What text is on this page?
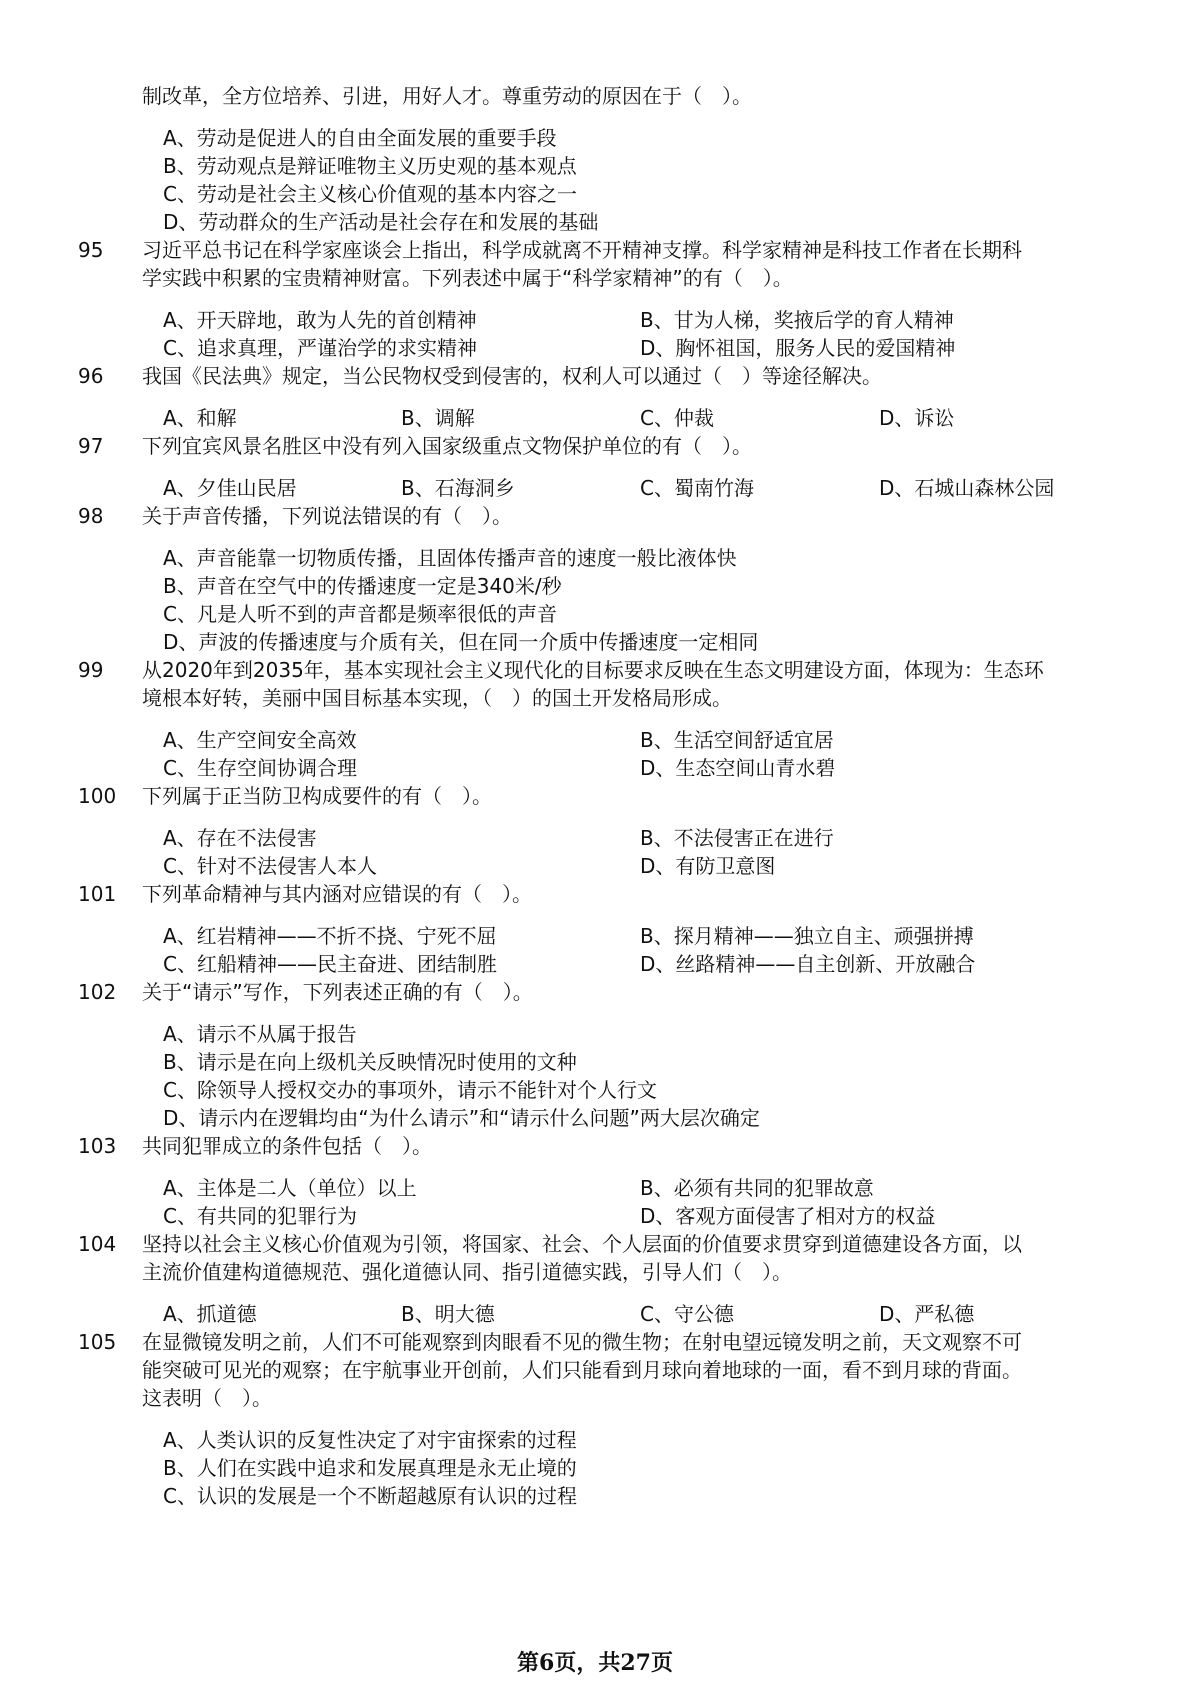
制改革，全方位培养、引进，用好人才。尊重劳动的原因在于（　）。
A、劳动是促进人的自由全面发展的重要手段
B、劳动观点是辩证唯物主义历史观的基本观点
C、劳动是社会主义核心价值观的基本内容之一
D、劳动群众的生产活动是社会存在和发展的基础
95 习近平总书记在科学家座谈会上指出，科学成就离不开精神支撑。科学家精神是科技工作者在长期科
学实践中积累的宝贵精神财富。下列表述中属于“科学家精神”的有（　）。
A、开天辟地，敢为人先的首创精神	B、甘为人梯，奖掖后学的育人精神
C、追求真理，严谨治学的求实精神	D、胸怀祖国，服务人民的爱国精神
96 我国《民法典》规定，当公民物权受到侵害的，权利人可以通过（　）等途径解决。
A、和解	B、调解	C、仲裁	D、诉讼
97 下列宜宾风景名胜区中没有列入国家级重点文物保护单位的有（　）。
A、夕佳山民居	B、石海洞乡	C、蜀南竹海	D、石城山森林公园
98 关于声音传播，下列说法错误的有（　）。
A、声音能靠一切物质传播，且固体传播声音的速度一般比液体快
B、声音在空气中的传播速度一定是340米/秒
C、凡是人听不到的声音都是频率很低的声音
D、声波的传播速度与介质有关，但在同一介质中传播速度一定相同
99 从2020年到2035年，基本实现社会主义现代化的目标要求反映在生态文明建设方面，体现为：生态环
境根本好转，美丽中国目标基本实现，（　）的国土开发格局形成。
A、生产空间安全高效	B、生活空间舒适宜居
C、生存空间协调合理	D、生态空间山青水碧
100 下列属于正当防卫构成要件的有（　）。
A、存在不法侵害	B、不法侵害正在进行
C、针对不法侵害人本人	D、有防卫意图
101 下列革命精神与其内涵对应错误的有（　）。
A、红岩精神——不折不挠、宁死不屈	B、探月精神——独立自主、顽强拼搏
C、红船精神——民主奋进、团结制胜	D、丝路精神——自主创新、开放融合
102 关于“请示”写作，下列表述正确的有（　）。
A、请示不从属于报告
B、请示是在向上级机关反映情况时使用的文种
C、除领导人授权交办的事项外，请示不能针对个人行文
D、请示内在逻辑均由“为什么请示”和“请示什么问题”两大层次确定
103 共同犯罪成立的条件包括（　）。
A、主体是二人（单位）以上	B、必须有共同的犯罪故意
C、有共同的犯罪行为	D、客观方面侵害了相对方的权益
104 坚持以社会主义核心价值观为引领，将国家、社会、个人层面的价值要求贯穿到道德建设各方面，以
主流价值建构道德规范、强化道德认同、指引道德实践，引导人们（　）。
A、抓道德	B、明大德	C、守公德	D、严私德
105 在显微镜发明之前，人们不可能观察到肉眼看不见的微生物；在射电望远镜发明之前，天文观察不可
能突破可见光的观察；在宇航事业开创前，人们只能看到月球向着地球的一面，看不到月球的背面。
这表明（　）。
A、人类认识的反复性决定了对宇宙探索的过程
B、人们在实践中追求和发展真理是永无止境的
C、认识的发展是一个不断超越原有认识的过程
第6页，共27页
